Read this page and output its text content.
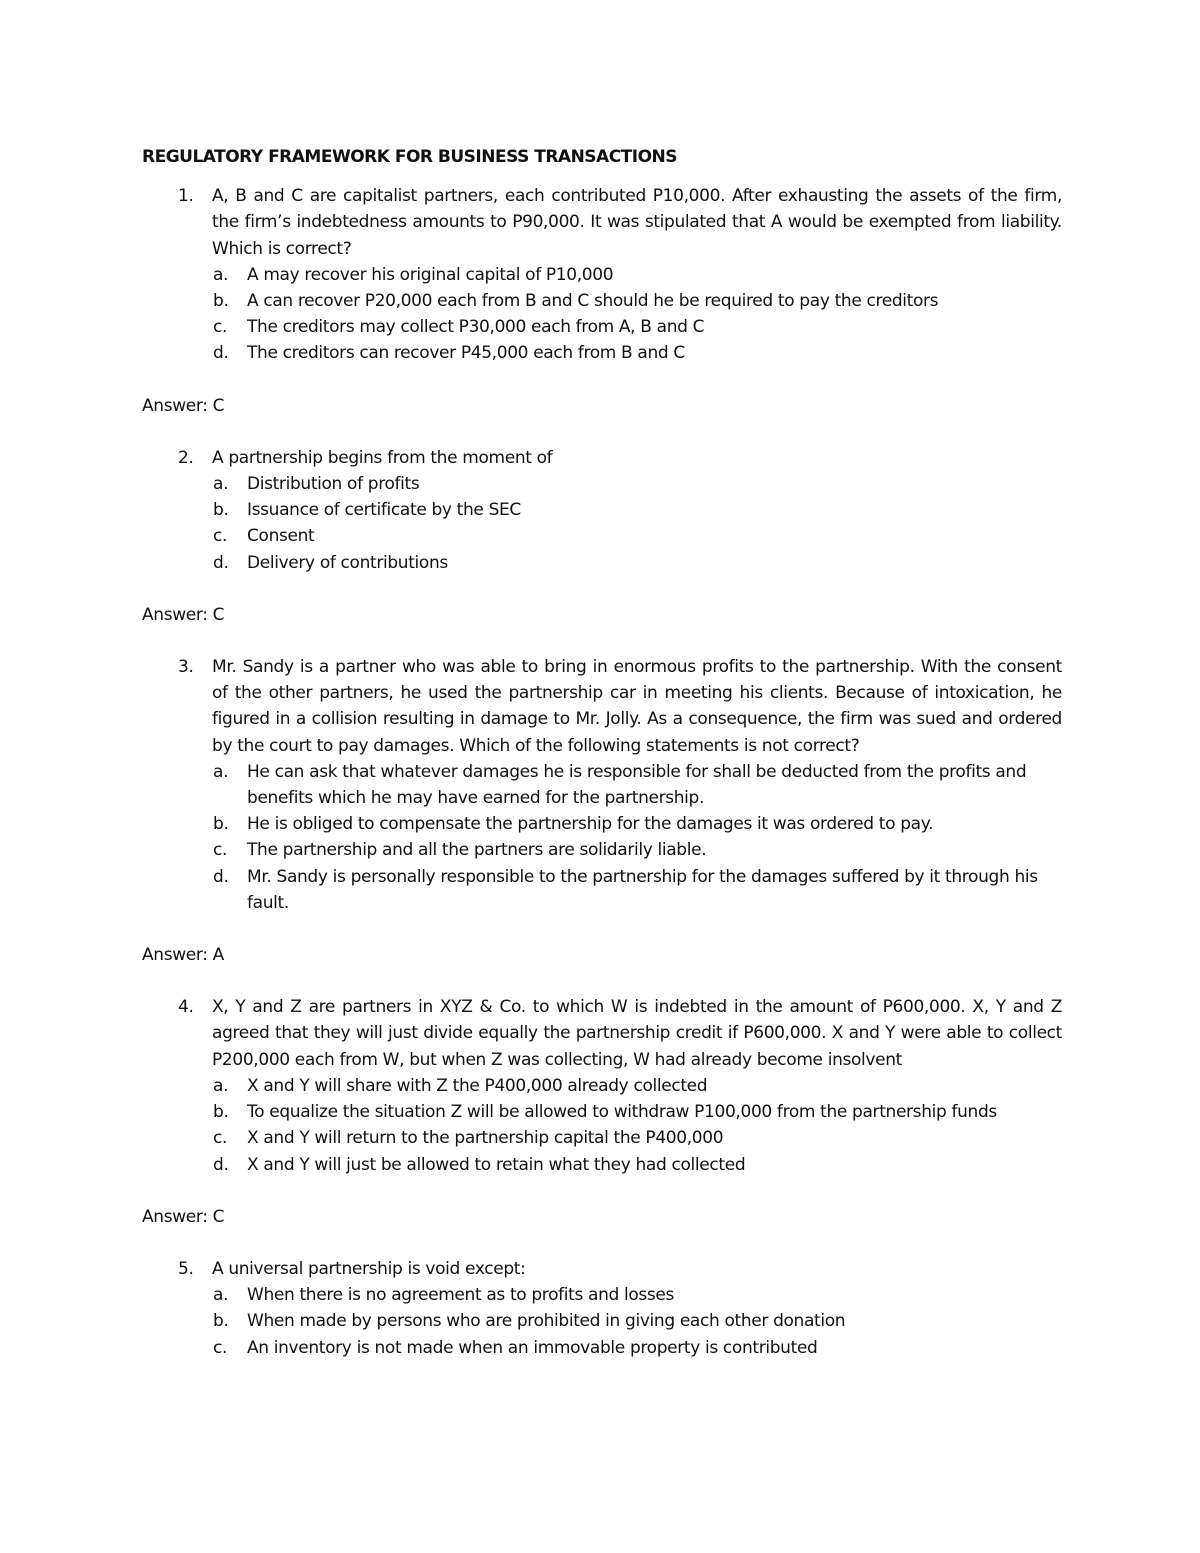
REGULATORY FRAMEWORK FOR BUSINESS TRANSACTIONS

1.	A, B and C are capitalist partners, each contributed P10,000. After exhausting the assets of the firm, the firm’s indebtedness amounts to P90,000. It was stipulated that A would be exempted from liability. Which is correct?
a.	A may recover his original capital of P10,000
b.	A can recover P20,000 each from B and C should he be required to pay the creditors
c.	The creditors may collect P30,000 each from A, B and C
d.	The creditors can recover P45,000 each from B and C

Answer: C

2.	A partnership begins from the moment of
a.	Distribution of profits
b.	Issuance of certificate by the SEC
c.	Consent
d.	Delivery of contributions

Answer: C

3.	Mr. Sandy is a partner who was able to bring in enormous profits to the partnership. With the consent of the other partners, he used the partnership car in meeting his clients. Because of intoxication, he figured in a collision resulting in damage to Mr. Jolly. As a consequence, the firm was sued and ordered by the court to pay damages. Which of the following statements is not correct?
a.	He can ask that whatever damages he is responsible for shall be deducted from the profits and benefits which he may have earned for the partnership.
b.	He is obliged to compensate the partnership for the damages it was ordered to pay.
c.	The partnership and all the partners are solidarily liable.
d.	Mr. Sandy is personally responsible to the partnership for the damages suffered by it through his fault.

Answer: A

4.	X, Y and Z are partners in XYZ & Co. to which W is indebted in the amount of P600,000. X, Y and Z agreed that they will just divide equally the partnership credit if P600,000. X and Y were able to collect P200,000 each from W, but when Z was collecting, W had already become insolvent
a.	X and Y will share with Z the P400,000 already collected
b.	To equalize the situation Z will be allowed to withdraw P100,000 from the partnership funds
c.	X and Y will return to the partnership capital the P400,000
d.	X and Y will just be allowed to retain what they had collected

Answer: C

5.	A universal partnership is void except:
a.	When there is no agreement as to profits and losses
b.	When made by persons who are prohibited in giving each other donation
c.	An inventory is not made when an immovable property is contributed
